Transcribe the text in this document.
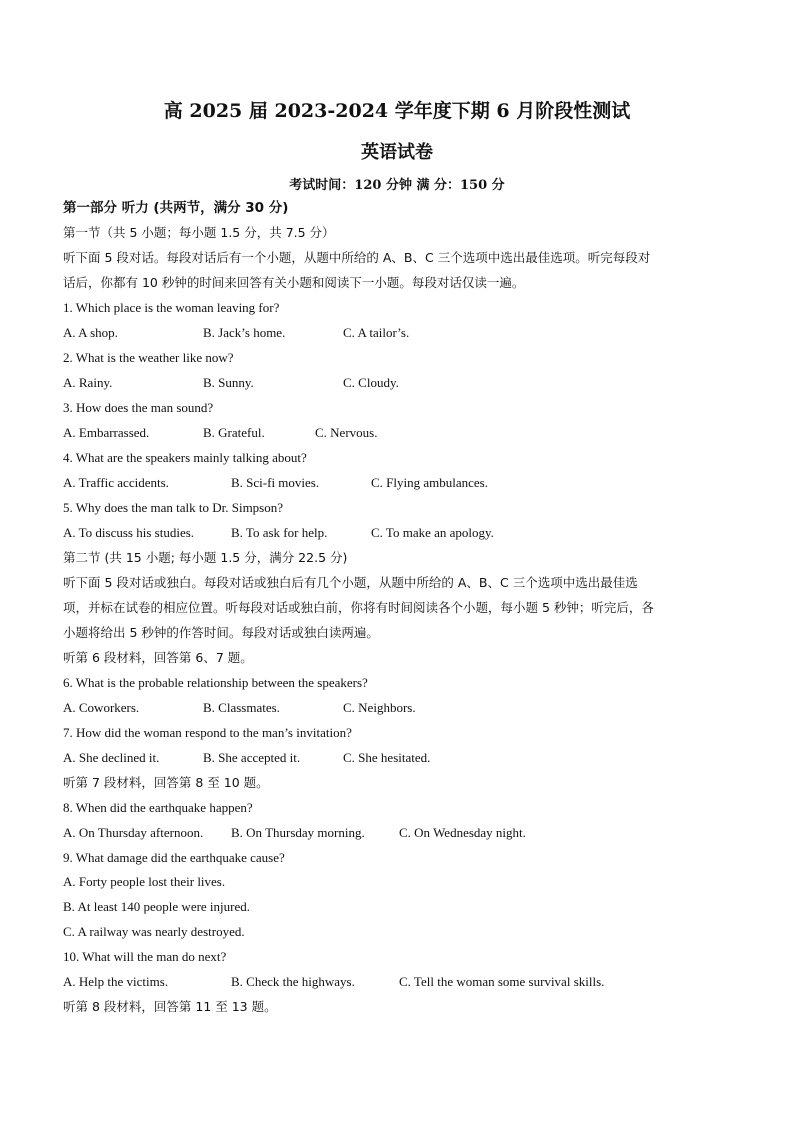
高 2025 届 2023-2024 学年度下期 6 月阶段性测试
英语试卷
考试时间：120 分钟 满 分：150 分
第一部分 听力 (共两节，满分 30 分)
第一节（共 5 小题；每小题 1.5 分，共 7.5 分）
听下面 5 段对话。每段对话后有一个小题，从题中所给的 A、B、C 三个选项中选出最佳选项。听完每段对
话后，你都有 10 秒钟的时间来回答有关小题和阅读下一小题。每段对话仅读一遍。
1. Which place is the woman leaving for?
A. A shop.	B. Jack’s home.	C. A tailor’s.
2. What is the weather like now?
A. Rainy.	B. Sunny.	C. Cloudy.
3. How does the man sound?
A. Embarrassed.	B. Grateful.	C. Nervous.
4. What are the speakers mainly talking about?
A. Traffic accidents.	B. Sci-fi movies.	C. Flying ambulances.
5. Why does the man talk to Dr. Simpson?
A. To discuss his studies.	B. To ask for help.	C. To make an apology.
第二节 (共 15 小题; 每小题 1.5 分，满分 22.5 分)
听下面 5 段对话或独白。每段对话或独白后有几个小题，从题中所给的 A、B、C 三个选项中选出最佳选
项，并标在试卷的相应位置。听每段对话或独白前，你将有时间阅读各个小题，每小题 5 秒钟；听完后，各
小题将给出 5 秒钟的作答时间。每段对话或独白读两遍。
听第 6 段材料，回答第 6、7 题。
6. What is the probable relationship between the speakers?
A. Coworkers.	B. Classmates.	C. Neighbors.
7. How did the woman respond to the man’s invitation?
A. She declined it.	B. She accepted it.	C. She hesitated.
听第 7 段材料，回答第 8 至 10 题。
8. When did the earthquake happen?
A. On Thursday afternoon. B. On Thursday morning.	C. On Wednesday night.
9. What damage did the earthquake cause?
A. Forty people lost their lives.
B. At least 140 people were injured.
C. A railway was nearly destroyed.
10. What will the man do next?
A. Help the victims.	B. Check the highways.	C. Tell the woman some survival skills.
听第 8 段材料，回答第 11 至 13 题。
